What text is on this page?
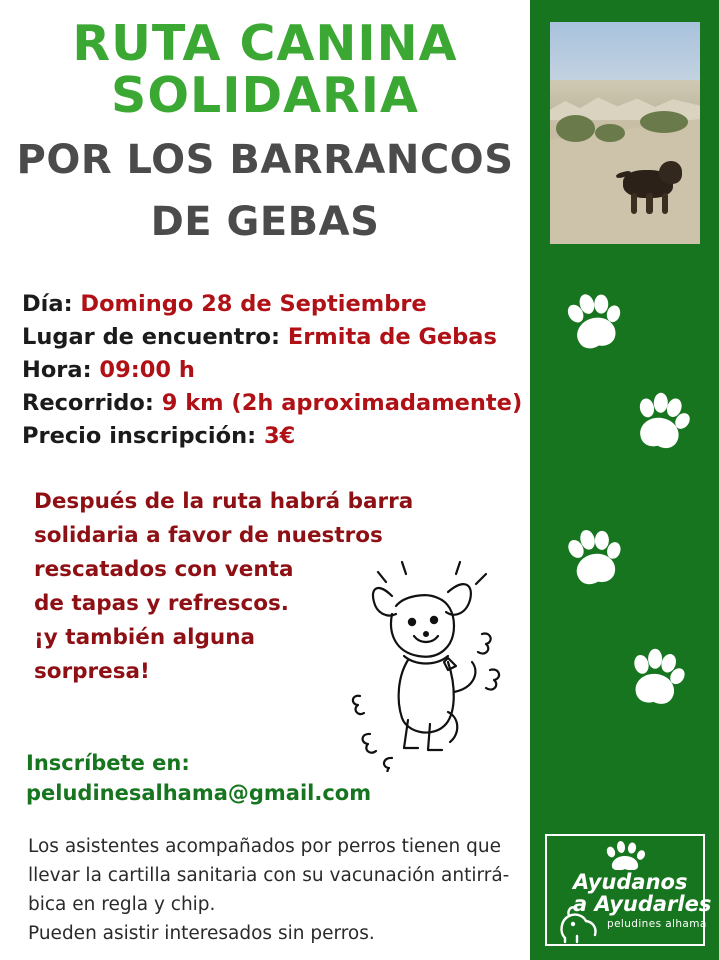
RUTA CANINA
SOLIDARIA
POR LOS BARRANCOS
DE GEBAS
Día: Domingo 28 de Septiembre
Lugar de encuentro: Ermita de Gebas
Hora: 09:00 h
Recorrido: 9 km (2h aproximadamente)
Precio inscripción: 3€
Después de la ruta habrá barra
solidaria a favor de nuestros
rescatados con venta
de tapas y refrescos.
¡y también alguna
sorpresa!
Inscríbete en:
peludinesalhama@gmail.com
Los asistentes acompañados por perros tienen que
llevar la cartilla sanitaria con su vacunación antirrá-
bica en regla y chip.
Pueden asistir interesados sin perros.
Ayudanos
a Ayudarles
peludines alhama
